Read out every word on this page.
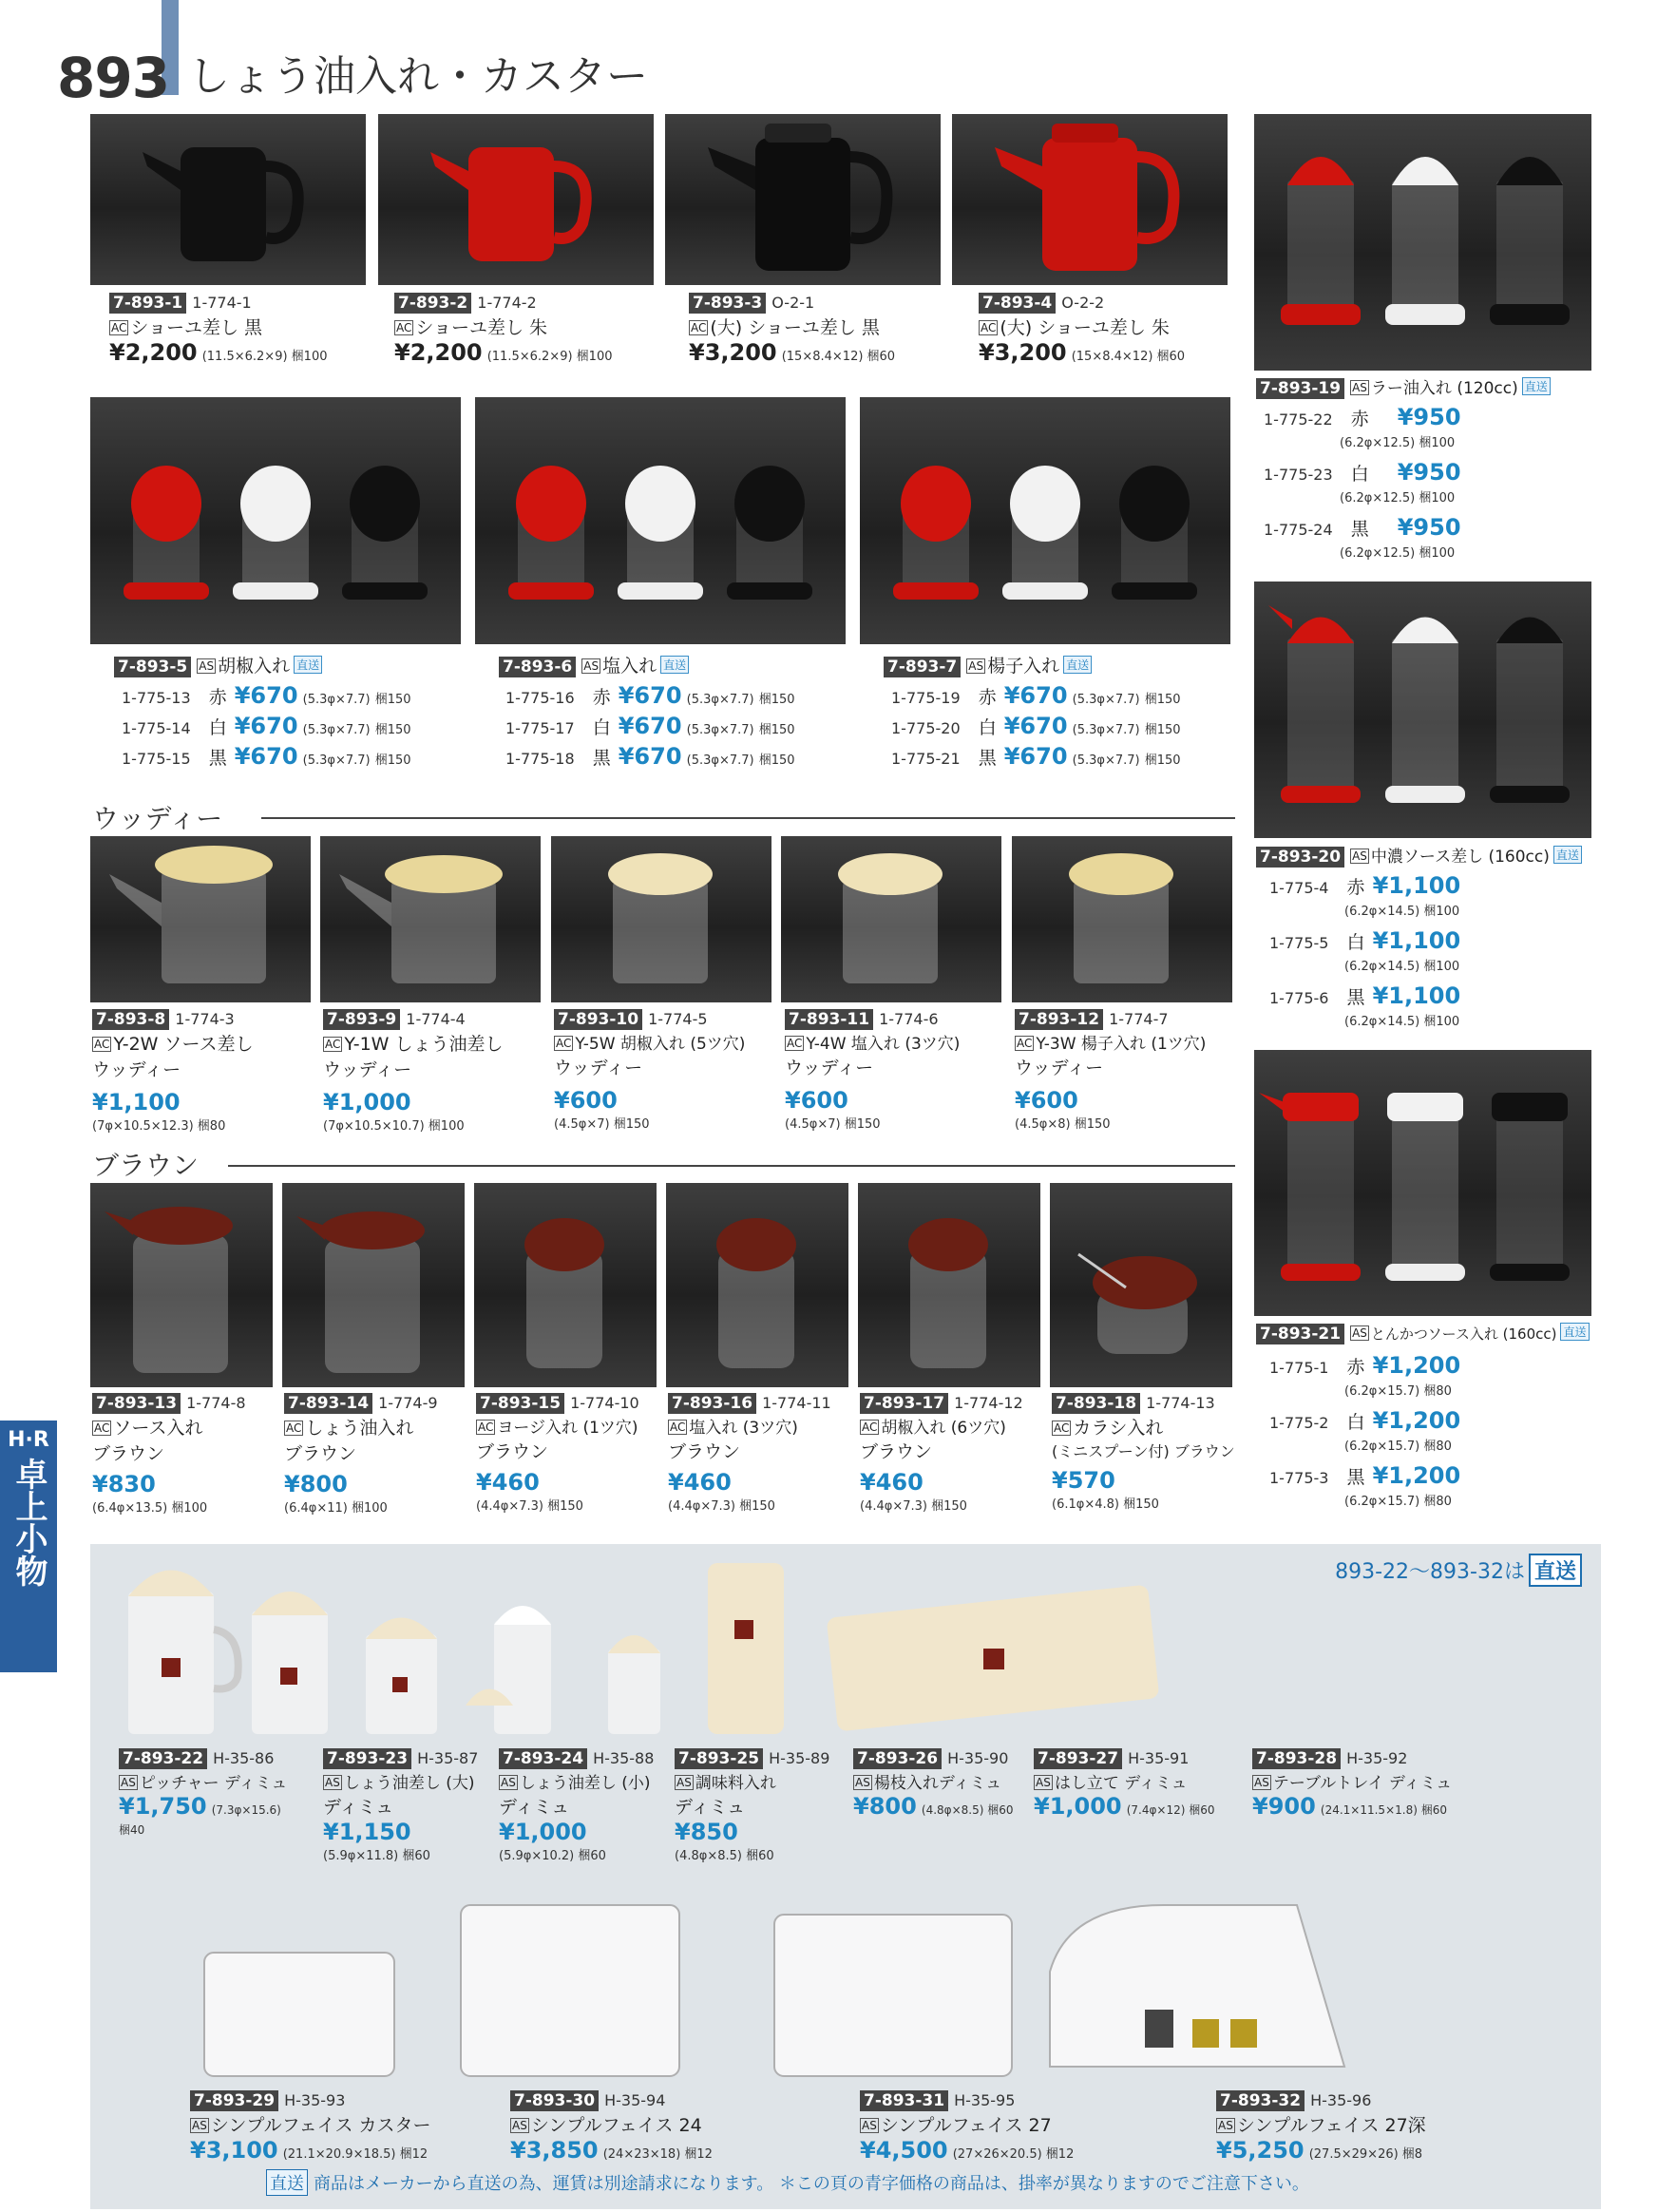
893 しょう油入れ・カスター
H·R
卓上小物
7-893-1 1-774-1
AC ショーユ差し 黒
¥2,200 (11.5×6.2×9) 梱100
7-893-2 1-774-2
AC ショーユ差し 朱
¥2,200 (11.5×6.2×9) 梱100
7-893-3 O-2-1
AC (大) ショーユ差し 黒
¥3,200 (15×8.4×12) 梱60
7-893-4 O-2-2
AC (大) ショーユ差し 朱
¥3,200 (15×8.4×12) 梱60
7-893-5 AS 胡椒入れ 直送
1-775-13 赤 ¥670 (5.3φ×7.7) 梱150
1-775-14 白 ¥670 (5.3φ×7.7) 梱150
1-775-15 黒 ¥670 (5.3φ×7.7) 梱150
7-893-6 AS 塩入れ 直送
1-775-16 赤 ¥670 (5.3φ×7.7) 梱150
1-775-17 白 ¥670 (5.3φ×7.7) 梱150
1-775-18 黒 ¥670 (5.3φ×7.7) 梱150
7-893-7 AS 楊子入れ 直送
1-775-19 赤 ¥670 (5.3φ×7.7) 梱150
1-775-20 白 ¥670 (5.3φ×7.7) 梱150
1-775-21 黒 ¥670 (5.3φ×7.7) 梱150
7-893-19 AS ラー油入れ (120cc) 直送
1-775-22 赤 ¥950
(6.2φ×12.5) 梱100
1-775-23 白 ¥950
(6.2φ×12.5) 梱100
1-775-24 黒 ¥950
(6.2φ×12.5) 梱100
7-893-20 AS 中濃ソース差し (160cc) 直送
1-775-4 赤 ¥1,100
(6.2φ×14.5) 梱100
1-775-5 白 ¥1,100
(6.2φ×14.5) 梱100
1-775-6 黒 ¥1,100
(6.2φ×14.5) 梱100
7-893-21 AS とんかつソース入れ (160cc) 直送
1-775-1 赤 ¥1,200
(6.2φ×15.7) 梱80
1-775-2 白 ¥1,200
(6.2φ×15.7) 梱80
1-775-3 黒 ¥1,200
(6.2φ×15.7) 梱80
ウッディー
7-893-8 1-774-3
AC Y-2W ソース差し
ウッディー
¥1,100
(7φ×10.5×12.3) 梱80
7-893-9 1-774-4
AC Y-1W しょう油差し
ウッディー
¥1,000
(7φ×10.5×10.7) 梱100
7-893-10 1-774-5
AC Y-5W 胡椒入れ (5ツ穴)
ウッディー
¥600
(4.5φ×7) 梱150
7-893-11 1-774-6
AC Y-4W 塩入れ (3ツ穴)
ウッディー
¥600
(4.5φ×7) 梱150
7-893-12 1-774-7
AC Y-3W 楊子入れ (1ツ穴)
ウッディー
¥600
(4.5φ×8) 梱150
ブラウン
7-893-13 1-774-8
AC ソース入れ
ブラウン
¥830
(6.4φ×13.5) 梱100
7-893-14 1-774-9
AC しょう油入れ
ブラウン
¥800
(6.4φ×11) 梱100
7-893-15 1-774-10
AC ヨージ入れ (1ツ穴)
ブラウン
¥460
(4.4φ×7.3) 梱150
7-893-16 1-774-11
AC 塩入れ (3ツ穴)
ブラウン
¥460
(4.4φ×7.3) 梱150
7-893-17 1-774-12
AC 胡椒入れ (6ツ穴)
ブラウン
¥460
(4.4φ×7.3) 梱150
7-893-18 1-774-13
AC カラシ入れ
(ミニスプーン付) ブラウン
¥570
(6.1φ×4.8) 梱150
893-22～893-32は 直送
7-893-22 H-35-86
AS ピッチャー ディミュ
¥1,750 (7.3φ×15.6) 梱40
7-893-23 H-35-87
AS しょう油差し (大)
ディミュ
¥1,150
(5.9φ×11.8) 梱60
7-893-24 H-35-88
AS しょう油差し (小)
ディミュ
¥1,000
(5.9φ×10.2) 梱60
7-893-25 H-35-89
AS 調味料入れ
ディミュ
¥850
(4.8φ×8.5) 梱60
7-893-26 H-35-90
AS 楊枝入れディミュ
¥800 (4.8φ×8.5) 梱60
7-893-27 H-35-91
AS はし立て ディミュ
¥1,000 (7.4φ×12) 梱60
7-893-28 H-35-92
AS テーブルトレイ ディミュ
¥900 (24.1×11.5×1.8) 梱60
7-893-29 H-35-93
AS シンプルフェイス カスター
¥3,100 (21.1×20.9×18.5) 梱12
7-893-30 H-35-94
AS シンプルフェイス 24
¥3,850 (24×23×18) 梱12
7-893-31 H-35-95
AS シンプルフェイス 27
¥4,500 (27×26×20.5) 梱12
7-893-32 H-35-96
AS シンプルフェイス 27深
¥5,250 (27.5×29×26) 梱8
直送 商品はメーカーから直送の為、運賃は別途請求になります。 ＊この頁の青字価格の商品は、掛率が異なりますのでご注意下さい。
